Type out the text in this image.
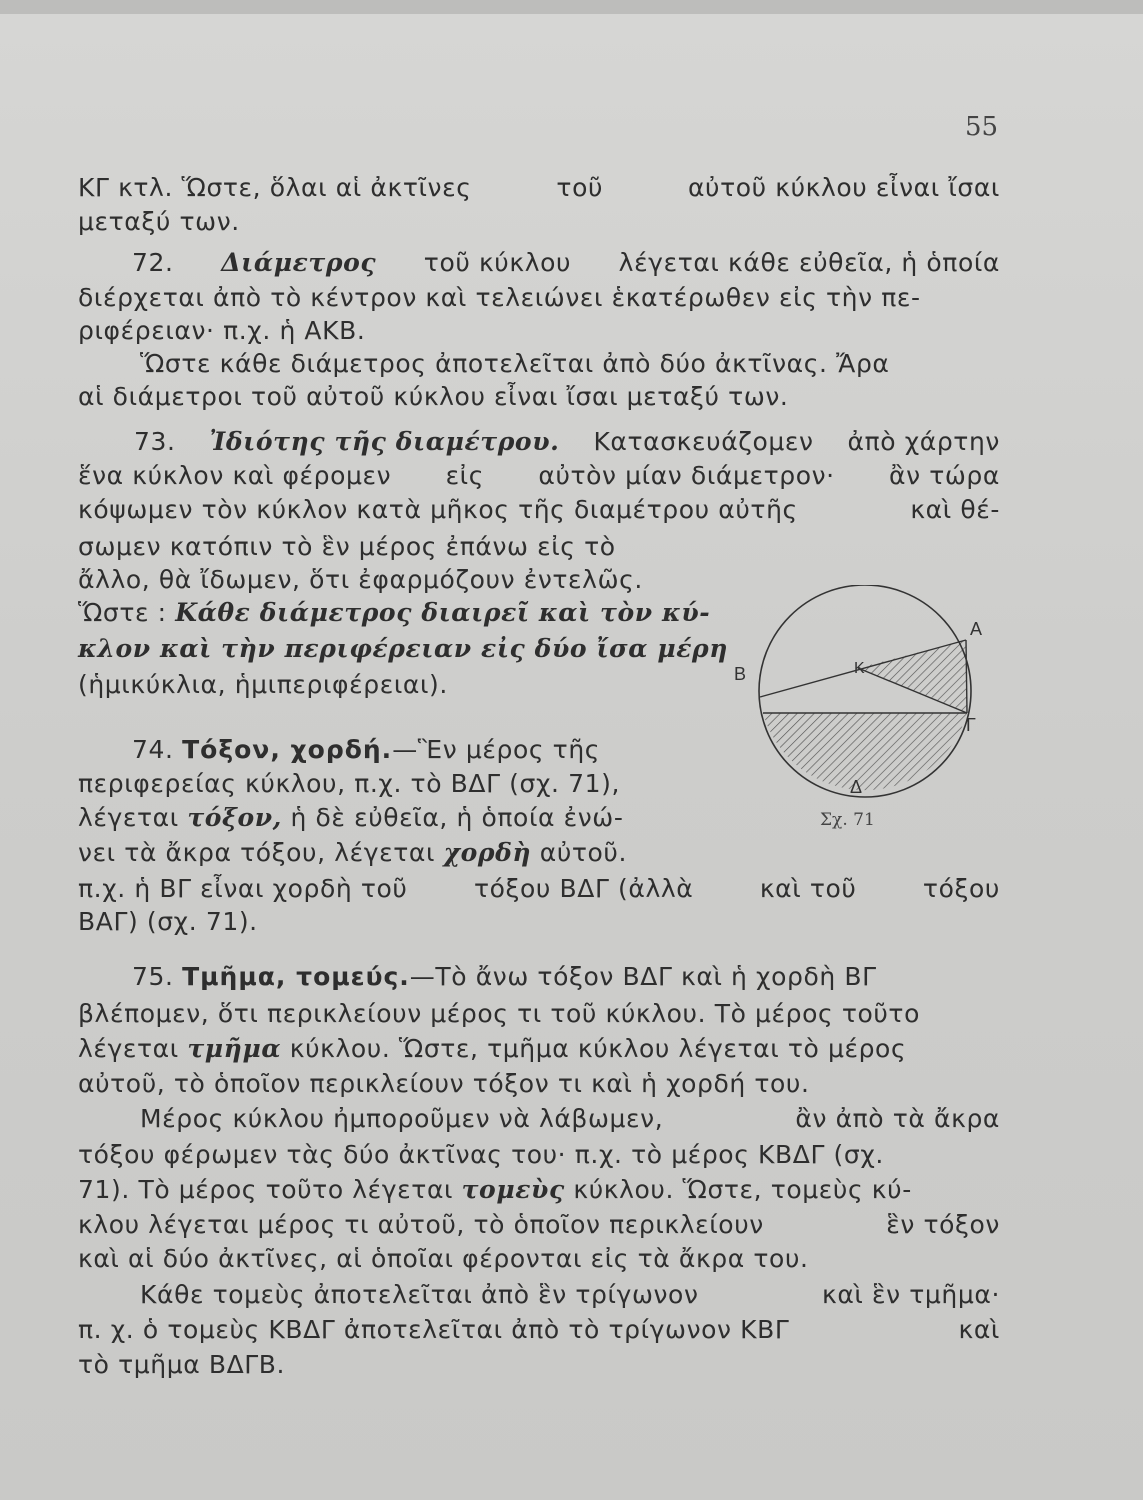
55
ΚΓ κτλ. Ὥστε, ὅλαι αἱ ἀκτῖνες	τοῦ	αὐτοῦ κύκλου εἶναι ἴσαι
μεταξύ των.
72. Διάμετρος τοῦ κύκλου λέγεται κάθε εὐθεῖα, ἡ ὁποία
διέρχεται ἀπὸ τὸ κέντρον καὶ τελειώνει ἑκατέρωθεν εἰς τὴν πε-
ριφέρειαν· π.χ. ἡ ΑΚΒ.
Ὥστε κάθε διάμετρος ἀποτελεῖται ἀπὸ δύο ἀκτῖνας. Ἄρα
αἱ διάμετροι τοῦ αὐτοῦ κύκλου εἶναι ἴσαι μεταξύ των.
73. Ἰδιότης τῆς διαμέτρου. Κατασκευάζομεν ἀπὸ χάρτην
ἕνα κύκλον καὶ φέρομεν εἰς αὐτὸν μίαν διάμετρον· ἂν τώρα
κόψωμεν τὸν κύκλον κατὰ μῆκος τῆς διαμέτρου αὐτῆς	καὶ θέ-
σωμεν κατόπιν τὸ ἓν μέρος ἐπάνω εἰς τὸ
ἄλλο, θὰ ἴδωμεν, ὅτι ἐφαρμόζουν ἐντελῶς.
Ὥστε : Κάθε διάμετρος διαιρεῖ καὶ τὸν κύ-
κλον καὶ τὴν περιφέρειαν εἰς δύο ἴσα μέρη
(ἡμικύκλια, ἡμιπεριφέρειαι).
74. Τόξον, χορδή.—Ἓν μέρος τῆς
περιφερείας κύκλου, π.χ. τὸ ΒΔΓ (σχ. 71),
λέγεται τόξον, ἡ δὲ εὐθεῖα, ἡ ὁποία ἐνώ-
νει τὰ ἄκρα τόξου, λέγεται χορδὴ αὐτοῦ.
π.χ. ἡ ΒΓ εἶναι χορδὴ τοῦ	τόξου ΒΔΓ (ἀλλὰ	καὶ τοῦ	τόξου
ΒΑΓ) (σχ. 71).
75. Τμῆμα, τομεύς.—Τὸ ἄνω τόξον ΒΔΓ καὶ ἡ χορδὴ ΒΓ
βλέπομεν, ὅτι περικλείουν μέρος τι τοῦ κύκλου. Τὸ μέρος τοῦτο
λέγεται τμῆμα κύκλου. Ὥστε, τμῆμα κύκλου λέγεται τὸ μέρος
αὐτοῦ, τὸ ὁποῖον περικλείουν τόξον τι καὶ ἡ χορδή του.
Μέρος κύκλου ἠμποροῦμεν νὰ λάβωμεν,	ἂν ἀπὸ τὰ ἄκρα
τόξου φέρωμεν τὰς δύο ἀκτῖνας του· π.χ. τὸ μέρος ΚΒΔΓ (σχ.
71). Τὸ μέρος τοῦτο λέγεται τομεὺς κύκλου. Ὥστε, τομεὺς κύ-
κλου λέγεται μέρος τι αὐτοῦ, τὸ ὁποῖον περικλείουν	ἓν τόξον
καὶ αἱ δύο ἀκτῖνες, αἱ ὁποῖαι φέρονται εἰς τὰ ἄκρα του.
Κάθε τομεὺς ἀποτελεῖται ἀπὸ ἓν τρίγωνον	καὶ ἓν τμῆμα·
π. χ. ὁ τομεὺς ΚΒΔΓ ἀποτελεῖται ἀπὸ τὸ τρίγωνον ΚΒΓ	καὶ
τὸ τμῆμα ΒΔΓΒ.
Α
Β	Κ
Γ
Δ
Σχ. 71
